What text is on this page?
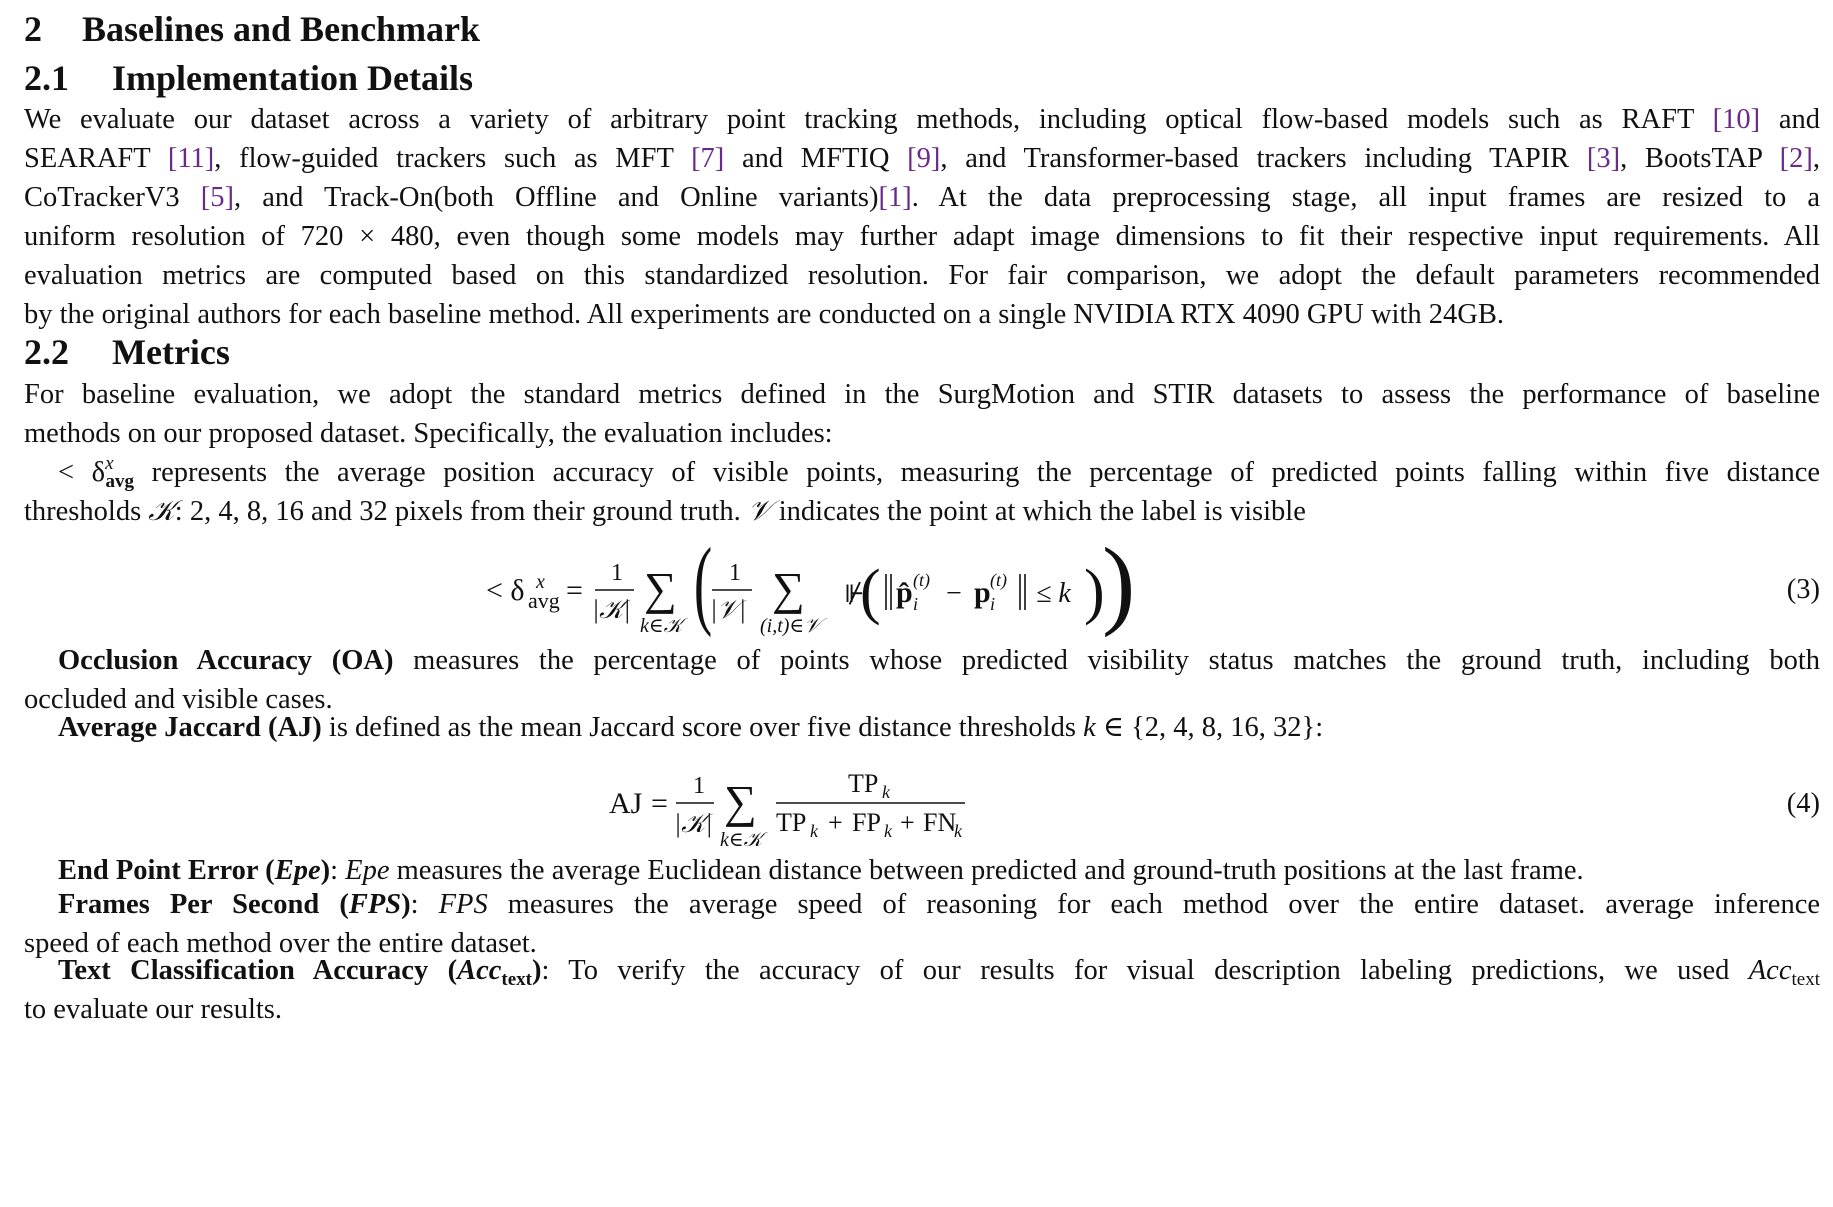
2 Baselines and Benchmark
2.1 Implementation Details
We evaluate our dataset across a variety of arbitrary point tracking methods, including optical flow-based models such as RAFT [10] and
SEARAFT [11], flow-guided trackers such as MFT [7] and MFTIQ [9], and Transformer-based trackers including TAPIR [3], BootsTAP [2],
CoTrackerV3 [5], and Track-On(both Offline and Online variants)[1]. At the data preprocessing stage, all input frames are resized to a
uniform resolution of 720 × 480, even though some models may further adapt image dimensions to fit their respective input requirements. All
evaluation metrics are computed based on this standardized resolution. For fair comparison, we adopt the default parameters recommended
by the original authors for each baseline method. All experiments are conducted on a single NVIDIA RTX 4090 GPU with 24GB.
2.2 Metrics
For baseline evaluation, we adopt the standard metrics defined in the SurgMotion and STIR datasets to assess the performance of baseline
methods on our proposed dataset. Specifically, the evaluation includes:
< $\delta^x_{avg}$ represents the average position accuracy of visible points, measuring the percentage of predicted points falling within five distance
thresholds 𝒦: 2, 4, 8, 16 and 32 pixels from their ground truth. 𝒱 indicates the point at which the label is visible
< δ x
avg =
1
|𝒦| ∑
k∈𝒦 ( 1
|𝒱| ∑
(i,t)∈𝒱
⊮
( p̂ i
(t) − p i
(t) ≤ k )
)	(3)
Occlusion Accuracy (OA) measures the percentage of points whose predicted visibility status matches the ground truth, including both
occluded and visible cases.
Average Jaccard (AJ) is defined as the mean Jaccard score over five distance thresholds k ∈ {2, 4, 8, 16, 32}:
AJ =
1
|𝒦| ∑
k∈𝒦
TP k
TP k + FP k + FN
k
(4)
End Point Error (Epe): Epe measures the average Euclidean distance between predicted and ground-truth positions at the last frame.
Frames Per Second (FPS): FPS measures the average speed of reasoning for each method over the entire dataset. average inference
speed of each method over the entire dataset.
Text Classification Accuracy (Acc$_{text}$): To verify the accuracy of our results for visual description labeling predictions, we used Acc$_{text}$
to evaluate our results.
